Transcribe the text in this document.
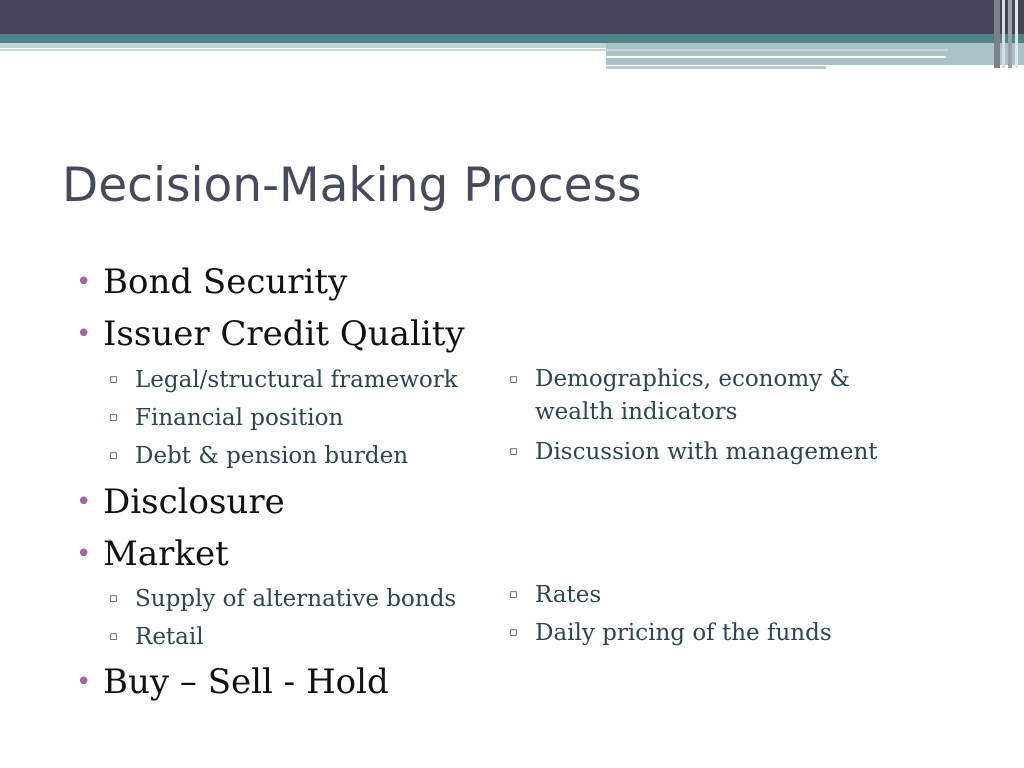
Decision-Making Process
• Bond Security
• Issuer Credit Quality
▫ Legal/structural framework
▫ Financial position
▫ Debt & pension burden
▫ Demographics, economy &
wealth indicators
▫ Discussion with management
• Disclosure
• Market
▫ Supply of alternative bonds
▫ Retail
▫ Rates
▫ Daily pricing of the funds
• Buy – Sell - Hold
